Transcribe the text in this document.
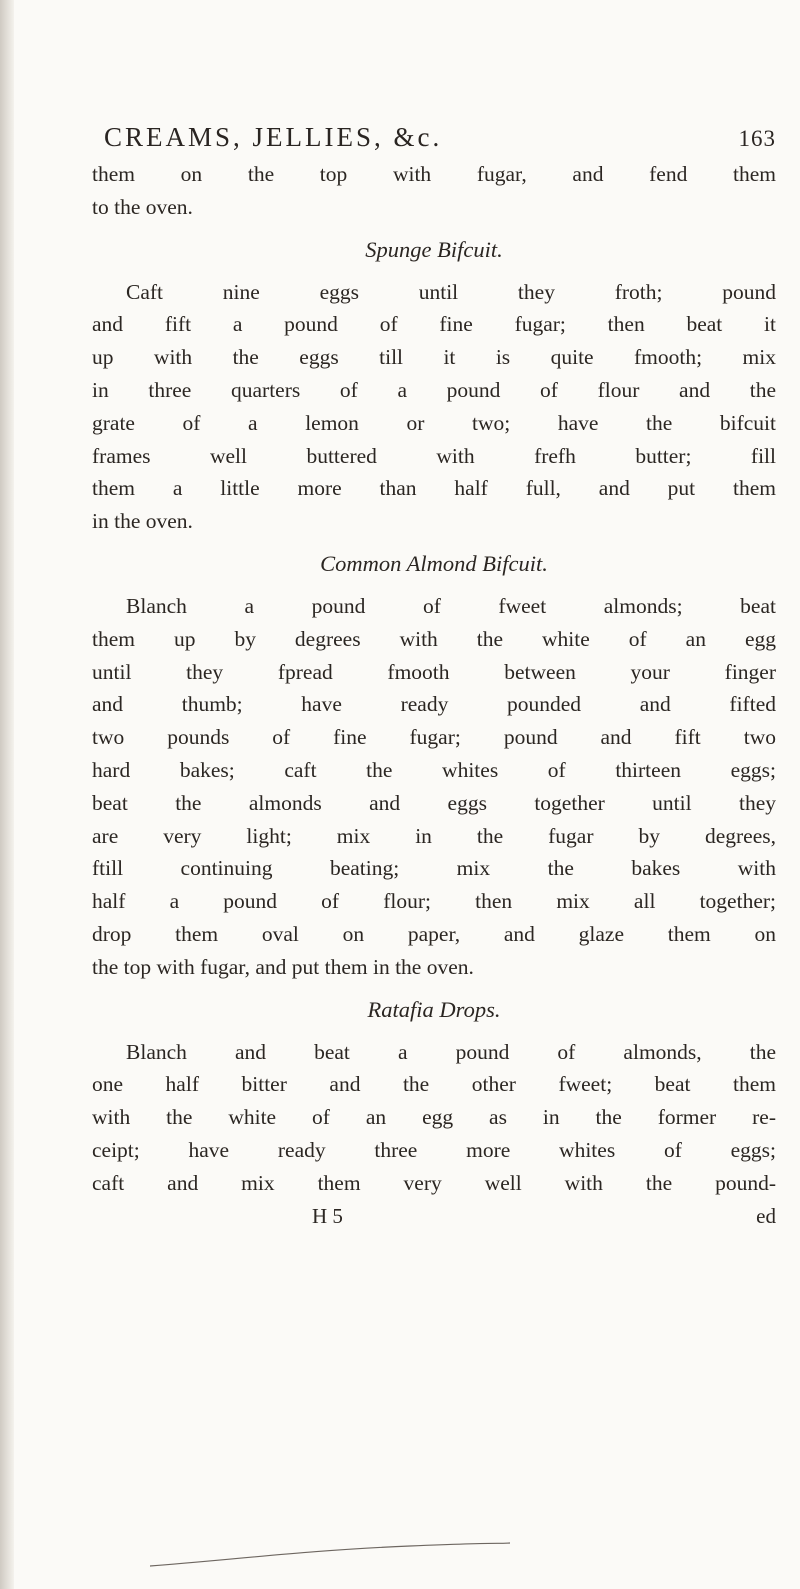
CREAMS, JELLIES, &c.	163
them on the top with fugar, and fend them
to the oven.
Spunge Bifcuit.
Caft nine eggs until they froth; pound
and fift a pound of fine fugar; then beat it
up with the eggs till it is quite fmooth; mix
in three quarters of a pound of flour and the
grate of a lemon or two; have the bifcuit
frames well buttered with frefh butter; fill
them a little more than half full, and put them
in the oven.
Common Almond Bifcuit.
Blanch a pound of fweet almonds; beat
them up by degrees with the white of an egg
until they fpread fmooth between your finger
and thumb; have ready pounded and fifted
two pounds of fine fugar; pound and fift two
hard bakes; caft the whites of thirteen eggs;
beat the almonds and eggs together until they
are very light; mix in the fugar by degrees,
ftill continuing beating; mix the bakes with
half a pound of flour; then mix all together;
drop them oval on paper, and glaze them on
the top with fugar, and put them in the oven.
Ratafia Drops.
Blanch and beat a pound of almonds, the
one half bitter and the other fweet; beat them
with the white of an egg as in the former re-
ceipt; have ready three more whites of eggs;
caft and mix them very well with the pound-
H 5	ed
